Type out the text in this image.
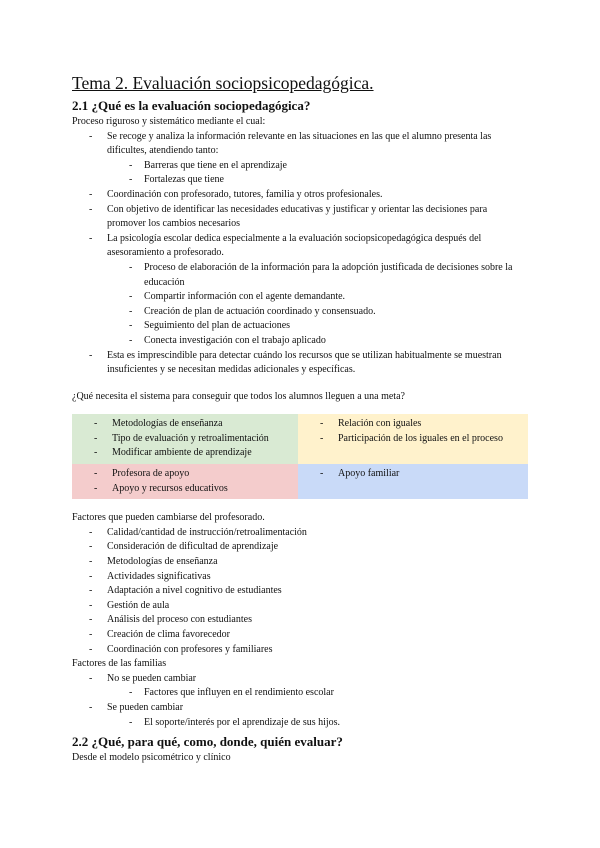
Tema 2. Evaluación sociopsicopedagógica.
2.1 ¿Qué es la evaluación sociopedagógica?
Proceso riguroso y sistemático mediante el cual:
- Se recoge y analiza la información relevante en las situaciones en las que el alumno presenta las dificultes, atendiendo tanto:
- Barreras que tiene en el aprendizaje
- Fortalezas que tiene
- Coordinación con profesorado, tutores, familia y otros profesionales.
- Con objetivo de identificar las necesidades educativas y justificar y orientar las decisiones para promover los cambios necesarios
- La psicología escolar dedica especialmente a la evaluación sociopsicopedagógica después del asesoramiento a profesorado.
- Proceso de elaboración de la información para la adopción justificada de decisiones sobre la educación
- Compartir información con el agente demandante.
- Creación de plan de actuación coordinado y consensuado.
- Seguimiento del plan de actuaciones
- Conecta investigación con el trabajo aplicado
- Esta es imprescindible para detectar cuándo los recursos que se utilizan habitualmente se muestran insuficientes y se necesitan medidas adicionales y específicas.
¿Qué necesita el sistema para conseguir que todos los alumnos lleguen a una meta?
- Metodologías de enseñanza
- Tipo de evaluación y retroalimentación
- Modificar ambiente de aprendizaje
- Relación con iguales
- Participación de los iguales en el proceso
- Profesora de apoyo
- Apoyo y recursos educativos
- Apoyo familiar
Factores que pueden cambiarse del profesorado.
- Calidad/cantidad de instrucción/retroalimentación
- Consideración de dificultad de aprendizaje
- Metodologías de enseñanza
- Actividades significativas
- Adaptación a nivel cognitivo de estudiantes
- Gestión de aula
- Análisis del proceso con estudiantes
- Creación de clima favorecedor
- Coordinación con profesores y familiares
Factores de las familias
- No se pueden cambiar
- Factores que influyen en el rendimiento escolar
- Se pueden cambiar
- El soporte/interés por el aprendizaje de sus hijos.
2.2 ¿Qué, para qué, como, donde, quién evaluar?
Desde el modelo psicométrico y clínico
